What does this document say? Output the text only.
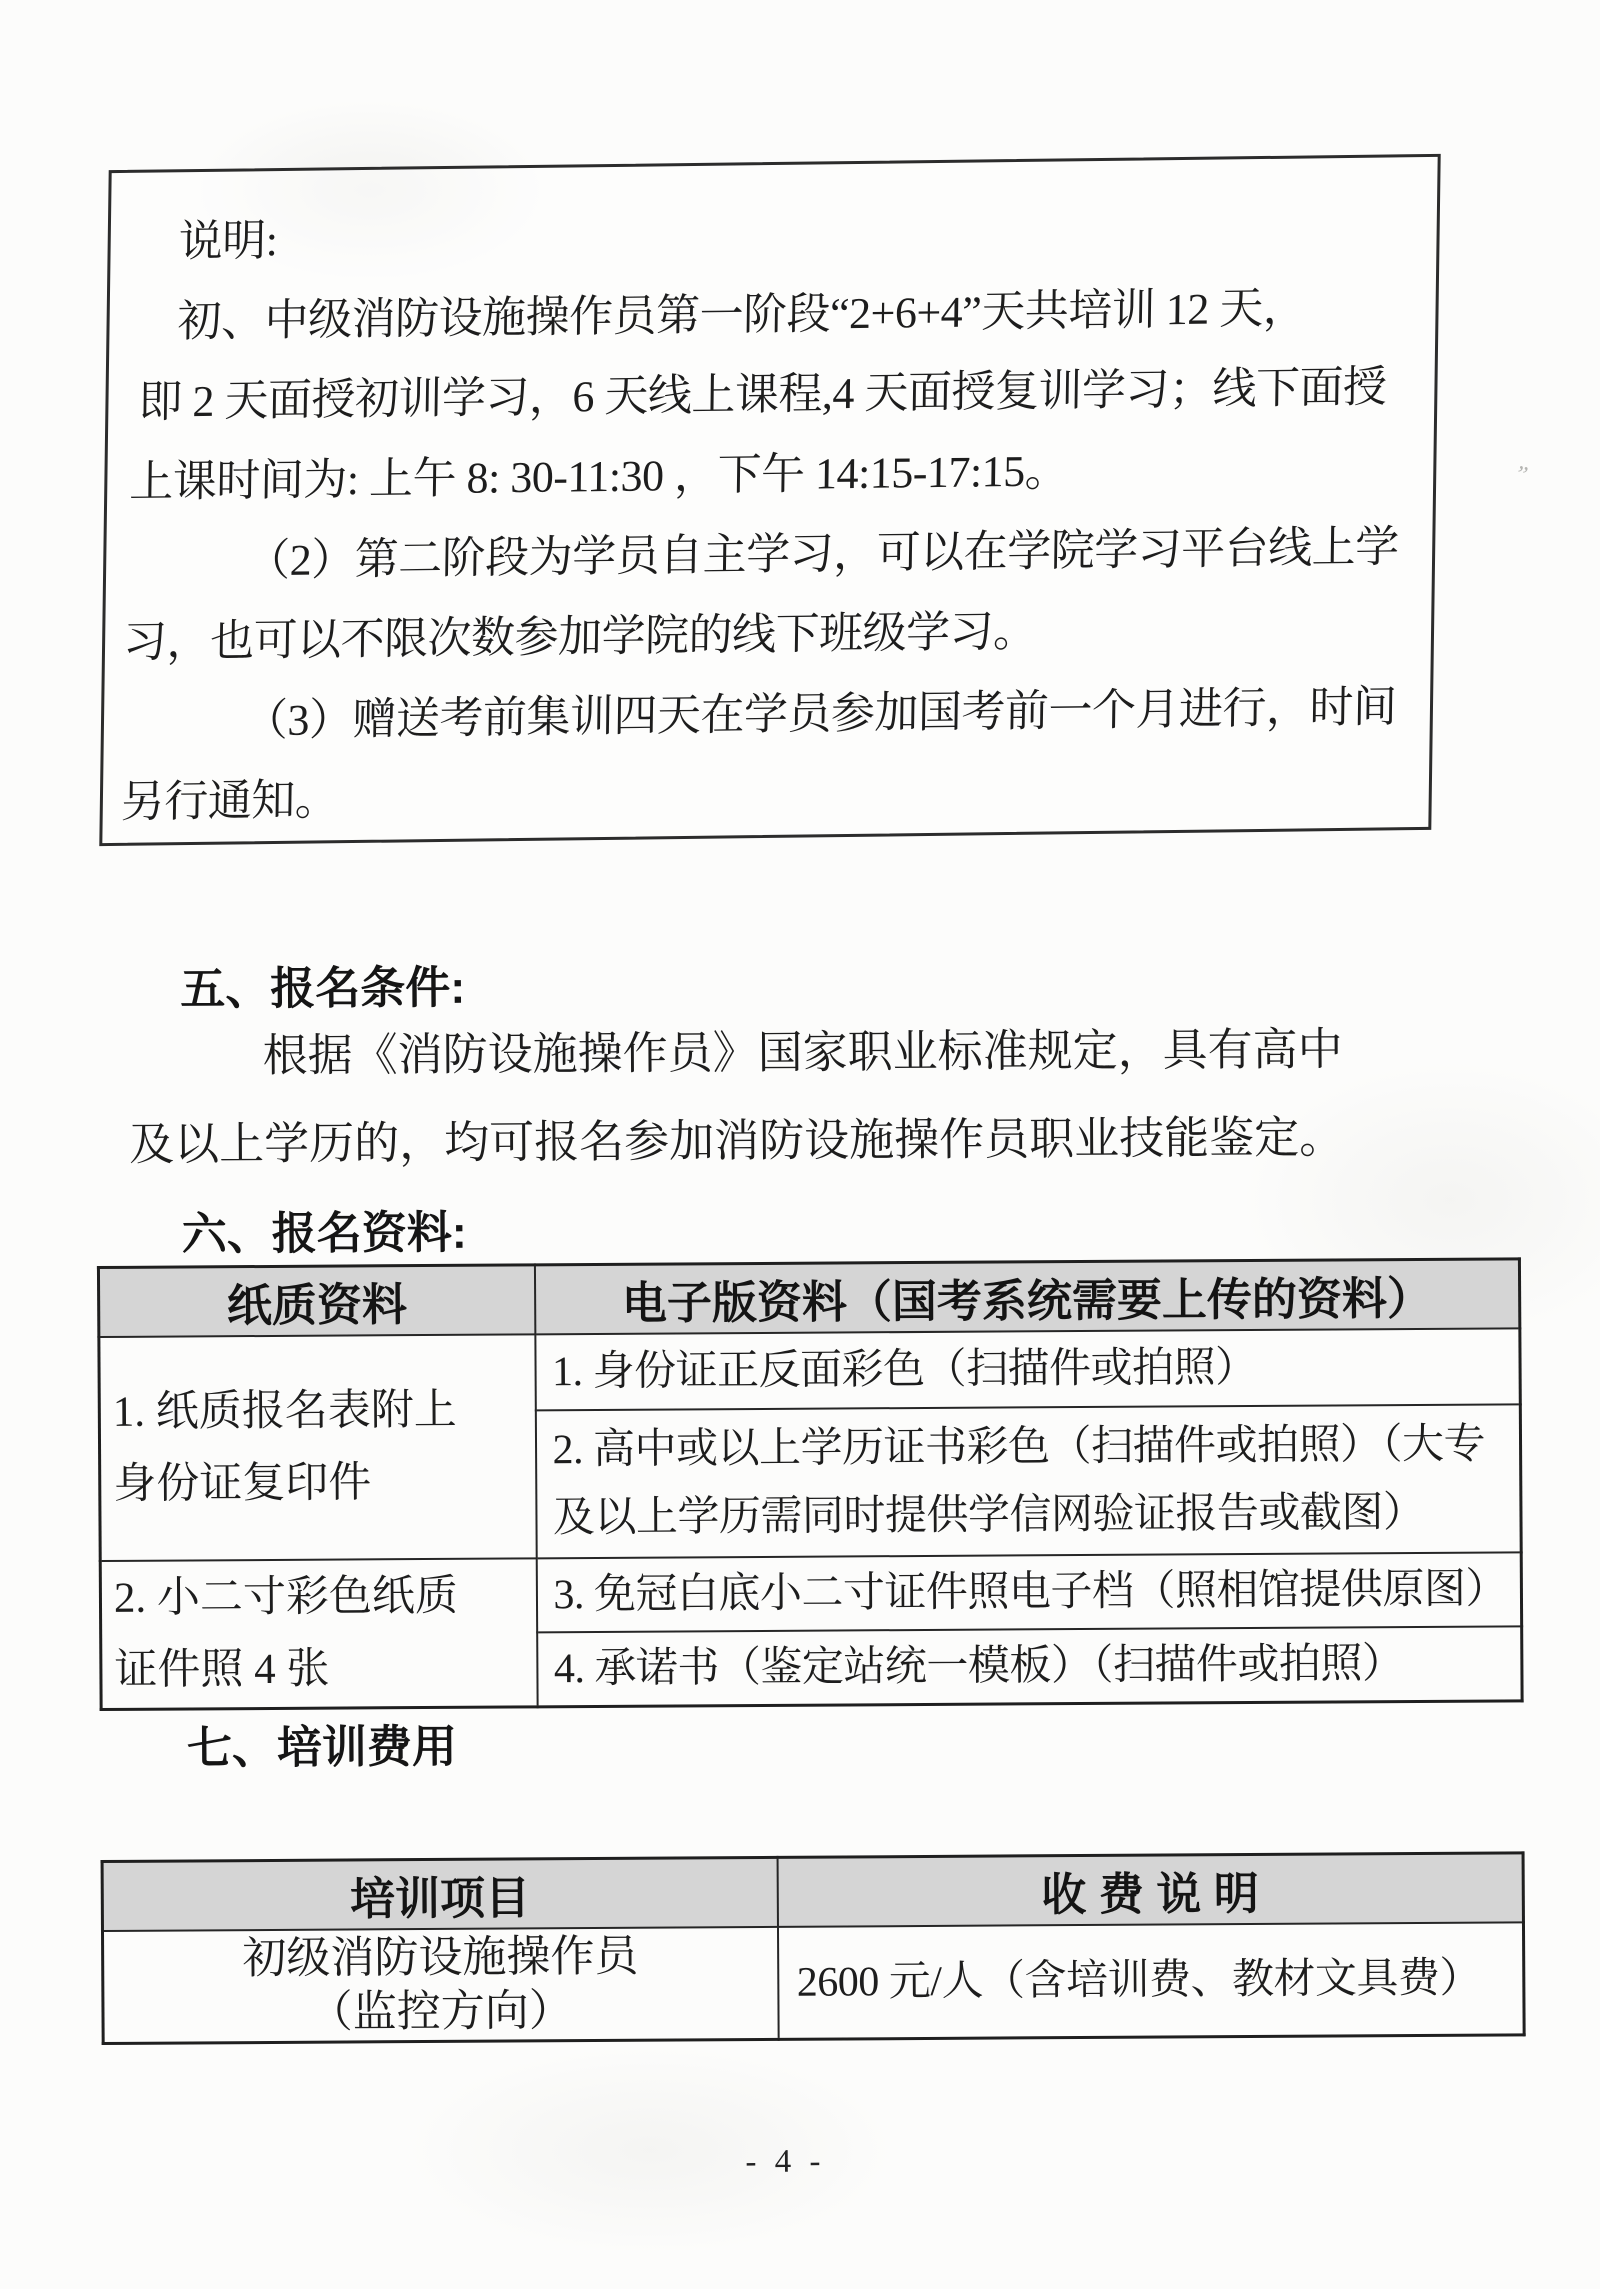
说明:
初、中级消防设施操作员第一阶段“2+6+4”天共培训 12 天，
即 2 天面授初训学习，6 天线上课程,4 天面授复训学习；线下面授
上课时间为: 上午 8: 30-11:30 ，下午 14:15-17:15。
（2）第二阶段为学员自主学习，可以在学院学习平台线上学
习，也可以不限次数参加学院的线下班级学习。
（3）赠送考前集训四天在学员参加国考前一个月进行，时间
另行通知。
五、报名条件:
根据《消防设施操作员》国家职业标准规定，具有高中
及以上学历的，均可报名参加消防设施操作员职业技能鉴定。
六、报名资料:
纸质资料	电子版资料（国考系统需要上传的资料）

1. 纸质报名表附上
身份证复印件	1. 身份证正反面彩色（扫描件或拍照）

	2. 高中或以上学历证书彩色（扫描件或拍照）（大专
及以上学历需同时提供学信网验证报告或截图）

2. 小二寸彩色纸质
证件照 4 张	3. 免冠白底小二寸证件照电子档（照相馆提供原图）

	4. 承诺书（鉴定站统一模板）（扫描件或拍照）
七、培训费用
培训项目	收 费 说 明

初级消防设施操作员
（监控方向）	2600 元/人（含培训费、教材文具费）
- 4 -
”
